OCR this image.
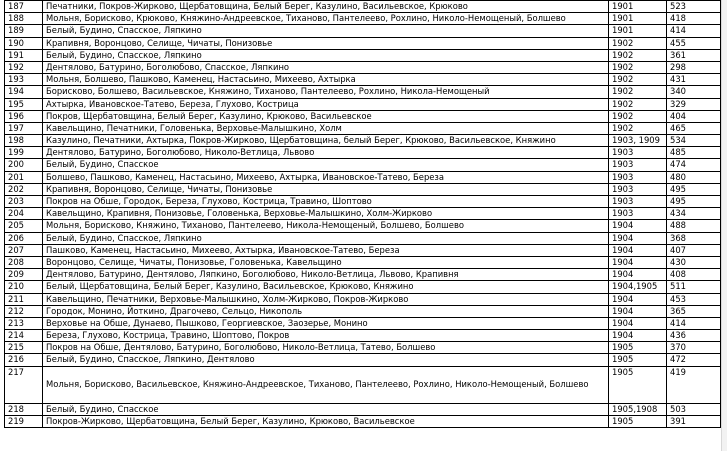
187	Печатники, Покров-Жирково, Щербатовщина, Белый Берег, Казулино, Васильевское, Крюково	1901	523
188	Мольня, Борисково, Крюково, Княжино-Андреевское, Тиханово, Пантелеево, Рохлино, Николо-Немощеный, Болшево	1901	418
189	Белый, Будино, Спасское, Ляпкино	1901	414
190	Крапивня, Воронцово, Селище, Чичаты, Понизовье	1902	455
191	Белый, Будино, Спасское, Ляпкино	1902	361
192	Дентялово, Батурино, Боголюбово, Спасское, Ляпкино	1902	298
193	Мольня, Болшево, Пашково, Каменец, Настасьино, Михеево, Ахтырка	1902	431
194	Борисково, Болшево, Васильевское, Княжино, Тиханово, Пантелеево, Рохлино, Никола-Немощеный	1902	340
195	Ахтырка, Ивановское-Татево, Береза, Глухово, Кострица	1902	329
196	Покров, Щербатовщина, Белый Берег, Казулино, Крюково, Васильевское	1902	404
197	Кавельщино, Печатники, Головенька, Верховье-Малышкино, Холм	1902	465
198	Казулино, Печатники, Ахтырка, Покров-Жирково, Щербатовщина, белый Берег, Крюково, Васильевское, Княжино	1903, 1909	534
199	Дентялово, Батурино, Боголюбово, Николо-Ветлица, Львово	1903	485
200	Белый, Будино, Спасское	1903	474
201	Болшево, Пашково, Каменец, Настасьино, Михеево, Ахтырка, Ивановское-Татево, Береза	1903	480
202	Крапивня, Воронцово, Селище, Чичаты, Понизовье	1903	495
203	Покров на Обше, Городок, Береза, Глухово, Кострица, Травино, Шоптово	1903	495
204	Кавельщино, Крапивня, Понизовье, Головенька, Верховье-Малышкино, Холм-Жирково	1903	434
205	Мольня, Борисково, Княжино, Тиханово, Пантелеево, Никола-Немощеный, Болшево, Болшево	1904	488
206	Белый, Будино, Спасское, Ляпкино	1904	368
207	Пашково, Каменец, Настасьино, Михеево, Ахтырка, Ивановское-Татево, Береза	1904	407
208	Воронцово, Селище, Чичаты, Понизовье, Головенька, Кавельщино	1904	430
209	Дентялово, Батурино, Дентялово, Ляпкино, Боголюбово, Николо-Ветлица, Львово, Крапивня	1904	408
210	Белый, Щербатовщина, Белый Берег, Казулино, Васильевское, Крюково, Княжино	1904,1905	511
211	Кавельщино, Печатники, Верховье-Малышкино, Холм-Жирково, Покров-Жирково	1904	453
212	Городок, Монино, Йоткино, Драгочево, Сельцо, Никополь	1904	365
213	Верховье на Обше, Дунаево, Пышково, Георгиевское, Заозерье, Монино	1904	414
214	Береза, Глухово, Кострица, Травино, Шоптово, Покров	1904	436
215	Покров на Обше, Дентялово, Батурино, Боголюбово, Николо-Ветлица, Татево, Болшево	1905	370
216	Белый, Будино, Спасское, Ляпкино, Дентялово	1905	472
217	Мольня, Борисково, Васильевское, Княжино-Андреевское, Тиханово, Пантелеево, Рохлино, Николо-Немощеный, Болшево	1905	419
218	Белый, Будино, Спасское	1905,1908	503
219	Покров-Жирково, Щербатовщина, Белый Берег, Казулино, Крюково, Васильевское	1905	391
